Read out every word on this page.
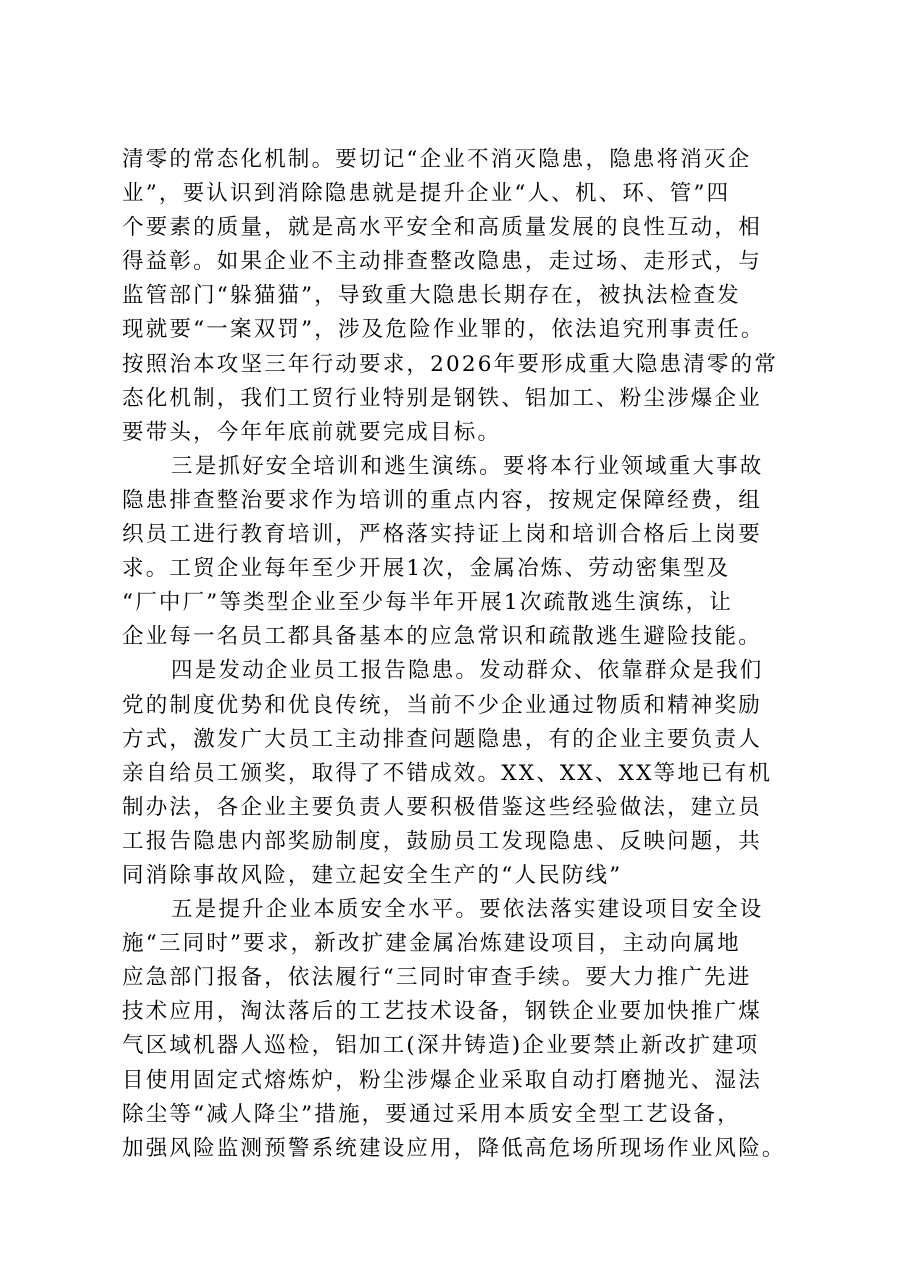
清零的常态化机制。要切记“企业不消灭隐患，隐患将消灭企
业”，要认识到消除隐患就是提升企业“人、机、环、管”四
个要素的质量，就是高水平安全和高质量发展的良性互动，相
得益彰。如果企业不主动排查整改隐患，走过场、走形式，与
监管部门“躲猫猫”，导致重大隐患长期存在，被执法检查发
现就要“一案双罚”，涉及危险作业罪的，依法追究刑事责任。
按照治本攻坚三年行动要求，2026年要形成重大隐患清零的常
态化机制，我们工贸行业特别是钢铁、铝加工、粉尘涉爆企业
要带头，今年年底前就要完成目标。
三是抓好安全培训和逃生演练。要将本行业领域重大事故
隐患排查整治要求作为培训的重点内容，按规定保障经费，组
织员工进行教育培训，严格落实持证上岗和培训合格后上岗要
求。工贸企业每年至少开展1次，金属冶炼、劳动密集型及
“厂中厂”等类型企业至少每半年开展1次疏散逃生演练，让
企业每一名员工都具备基本的应急常识和疏散逃生避险技能。
四是发动企业员工报告隐患。发动群众、依靠群众是我们
党的制度优势和优良传统，当前不少企业通过物质和精神奖励
方式，激发广大员工主动排查问题隐患，有的企业主要负责人
亲自给员工颁奖，取得了不错成效。XX、XX、XX等地已有机
制办法，各企业主要负责人要积极借鉴这些经验做法，建立员
工报告隐患内部奖励制度，鼓励员工发现隐患、反映问题，共
同消除事故风险，建立起安全生产的“人民防线”
五是提升企业本质安全水平。要依法落实建设项目安全设
施“三同时”要求，新改扩建金属冶炼建设项目，主动向属地
应急部门报备，依法履行“三同时审查手续。要大力推广先进
技术应用，淘汰落后的工艺技术设备，钢铁企业要加快推广煤
气区域机器人巡检，铝加工(深井铸造)企业要禁止新改扩建项
目使用固定式熔炼炉，粉尘涉爆企业采取自动打磨抛光、湿法
除尘等“减人降尘”措施，要通过采用本质安全型工艺设备，
加强风险监测预警系统建设应用，降低高危场所现场作业风险。
